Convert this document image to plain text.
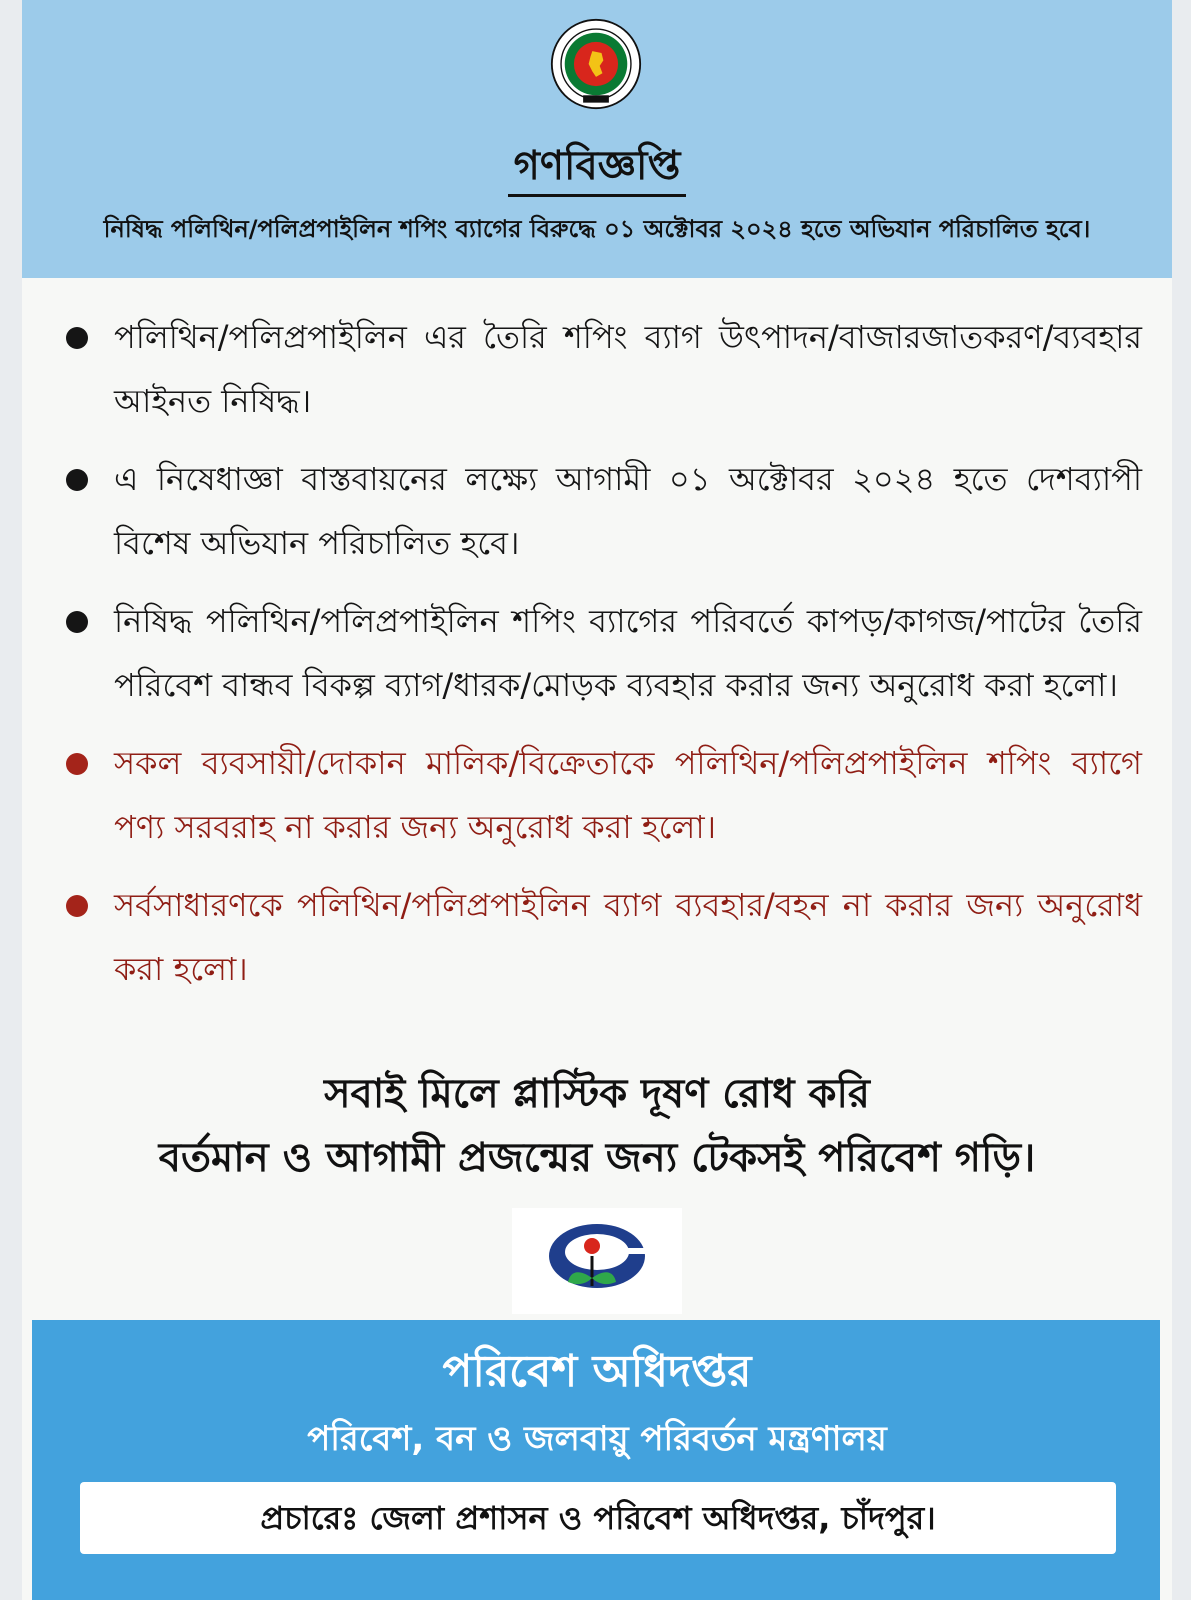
গণবিজ্ঞপ্তি
নিষিদ্ধ পলিথিন/পলিপ্রপাইলিন শপিং ব্যাগের বিরুদ্ধে ০১ অক্টোবর ২০২৪ হতে অভিযান পরিচালিত হবে।
পলিথিন/পলিপ্রপাইলিন এর তৈরি শপিং ব্যাগ উৎপাদন/বাজারজাতকরণ/ব্যবহার আইনত নিষিদ্ধ।
এ নিষেধাজ্ঞা বাস্তবায়নের লক্ষ্যে আগামী ০১ অক্টোবর ২০২৪ হতে দেশব্যাপী বিশেষ অভিযান পরিচালিত হবে।
নিষিদ্ধ পলিথিন/পলিপ্রপাইলিন শপিং ব্যাগের পরিবর্তে কাপড়/কাগজ/পাটের তৈরি পরিবেশ বান্ধব বিকল্প ব্যাগ/ধারক/মোড়ক ব্যবহার করার জন্য অনুরোধ করা হলো।
সকল ব্যবসায়ী/দোকান মালিক/বিক্রেতাকে পলিথিন/পলিপ্রপাইলিন শপিং ব্যাগে পণ্য সরবরাহ না করার জন্য অনুরোধ করা হলো।
সর্বসাধারণকে পলিথিন/পলিপ্রপাইলিন ব্যাগ ব্যবহার/বহন না করার জন্য অনুরোধ করা হলো।
সবাই মিলে প্লাস্টিক দূষণ রোধ করি
বর্তমান ও আগামী প্রজন্মের জন্য টেকসই পরিবেশ গড়ি।
পরিবেশ অধিদপ্তর
পরিবেশ, বন ও জলবায়ু পরিবর্তন মন্ত্রণালয়
প্রচারেঃ জেলা প্রশাসন ও পরিবেশ অধিদপ্তর, চাঁদপুর।
